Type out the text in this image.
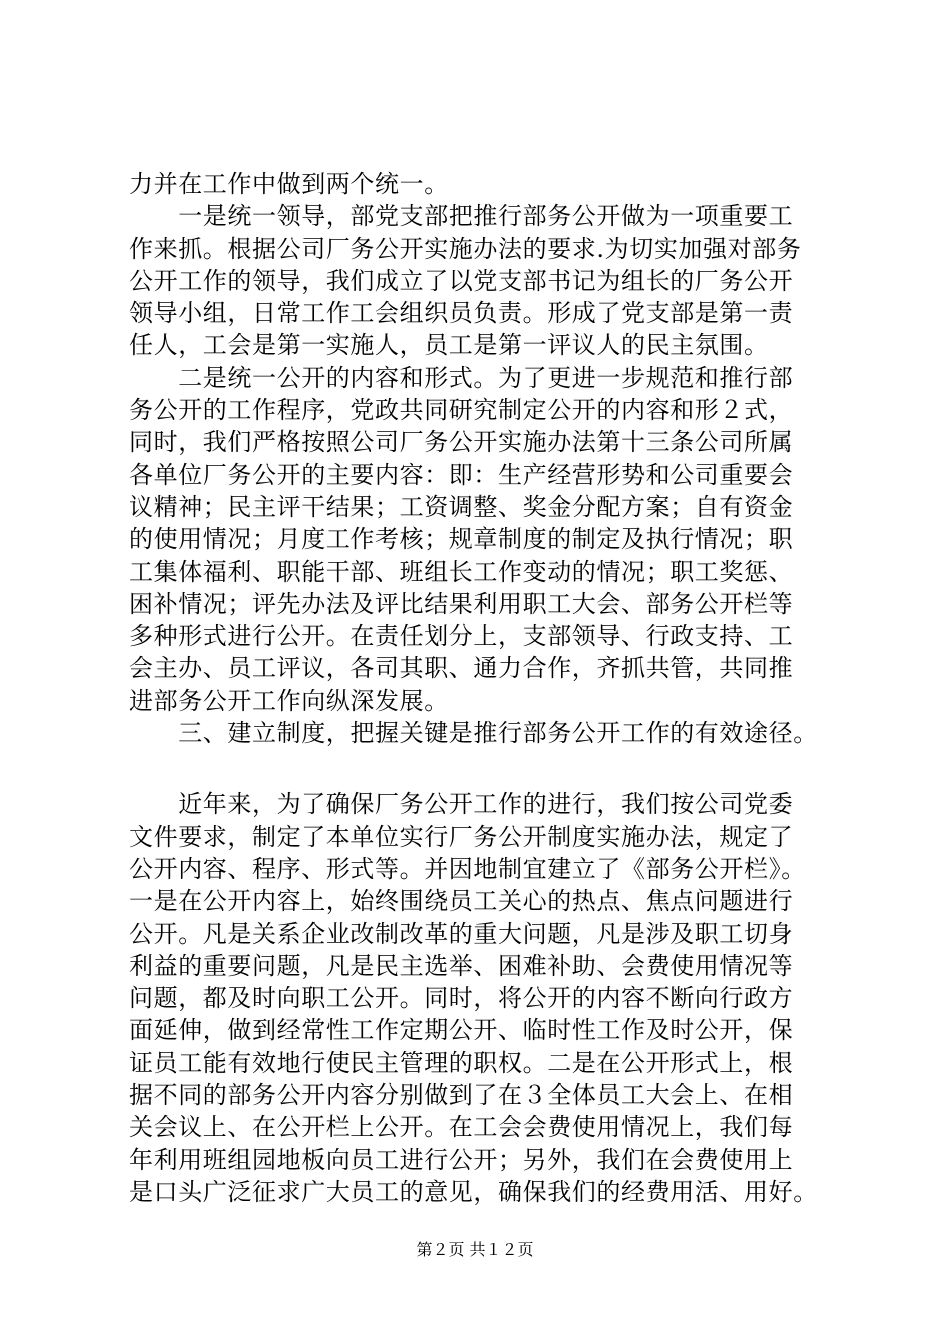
力并在工作中做到两个统一。
　　一是统一领导，部党支部把推行部务公开做为一项重要工
作来抓。根据公司厂务公开实施办法的要求.为切实加强对部务
公开工作的领导，我们成立了以党支部书记为组长的厂务公开
领导小组，日常工作工会组织员负责。形成了党支部是第一责
任人，工会是第一实施人，员工是第一评议人的民主氛围。
　　二是统一公开的内容和形式。为了更进一步规范和推行部
务公开的工作程序，党政共同研究制定公开的内容和形２式，
同时，我们严格按照公司厂务公开实施办法第十三条公司所属
各单位厂务公开的主要内容：即：生产经营形势和公司重要会
议精神；民主评干结果；工资调整、奖金分配方案；自有资金
的使用情况；月度工作考核；规章制度的制定及执行情况；职
工集体福利、职能干部、班组长工作变动的情况；职工奖惩、
困补情况；评先办法及评比结果利用职工大会、部务公开栏等
多种形式进行公开。在责任划分上，支部领导、行政支持、工
会主办、员工评议，各司其职、通力合作，齐抓共管，共同推
进部务公开工作向纵深发展。
　　三、建立制度，把握关键是推行部务公开工作的有效途径。
　　近年来，为了确保厂务公开工作的进行，我们按公司党委
文件要求，制定了本单位实行厂务公开制度实施办法，规定了
公开内容、程序、形式等。并因地制宜建立了《部务公开栏》。
一是在公开内容上，始终围绕员工关心的热点、焦点问题进行
公开。凡是关系企业改制改革的重大问题，凡是涉及职工切身
利益的重要问题，凡是民主选举、困难补助、会费使用情况等
问题，都及时向职工公开。同时，将公开的内容不断向行政方
面延伸，做到经常性工作定期公开、临时性工作及时公开，保
证员工能有效地行使民主管理的职权。二是在公开形式上，根
据不同的部务公开内容分别做到了在３全体员工大会上、在相
关会议上、在公开栏上公开。在工会会费使用情况上，我们每
年利用班组园地板向员工进行公开；另外，我们在会费使用上
是口头广泛征求广大员工的意见，确保我们的经费用活、用好。
第２页 共１２页
